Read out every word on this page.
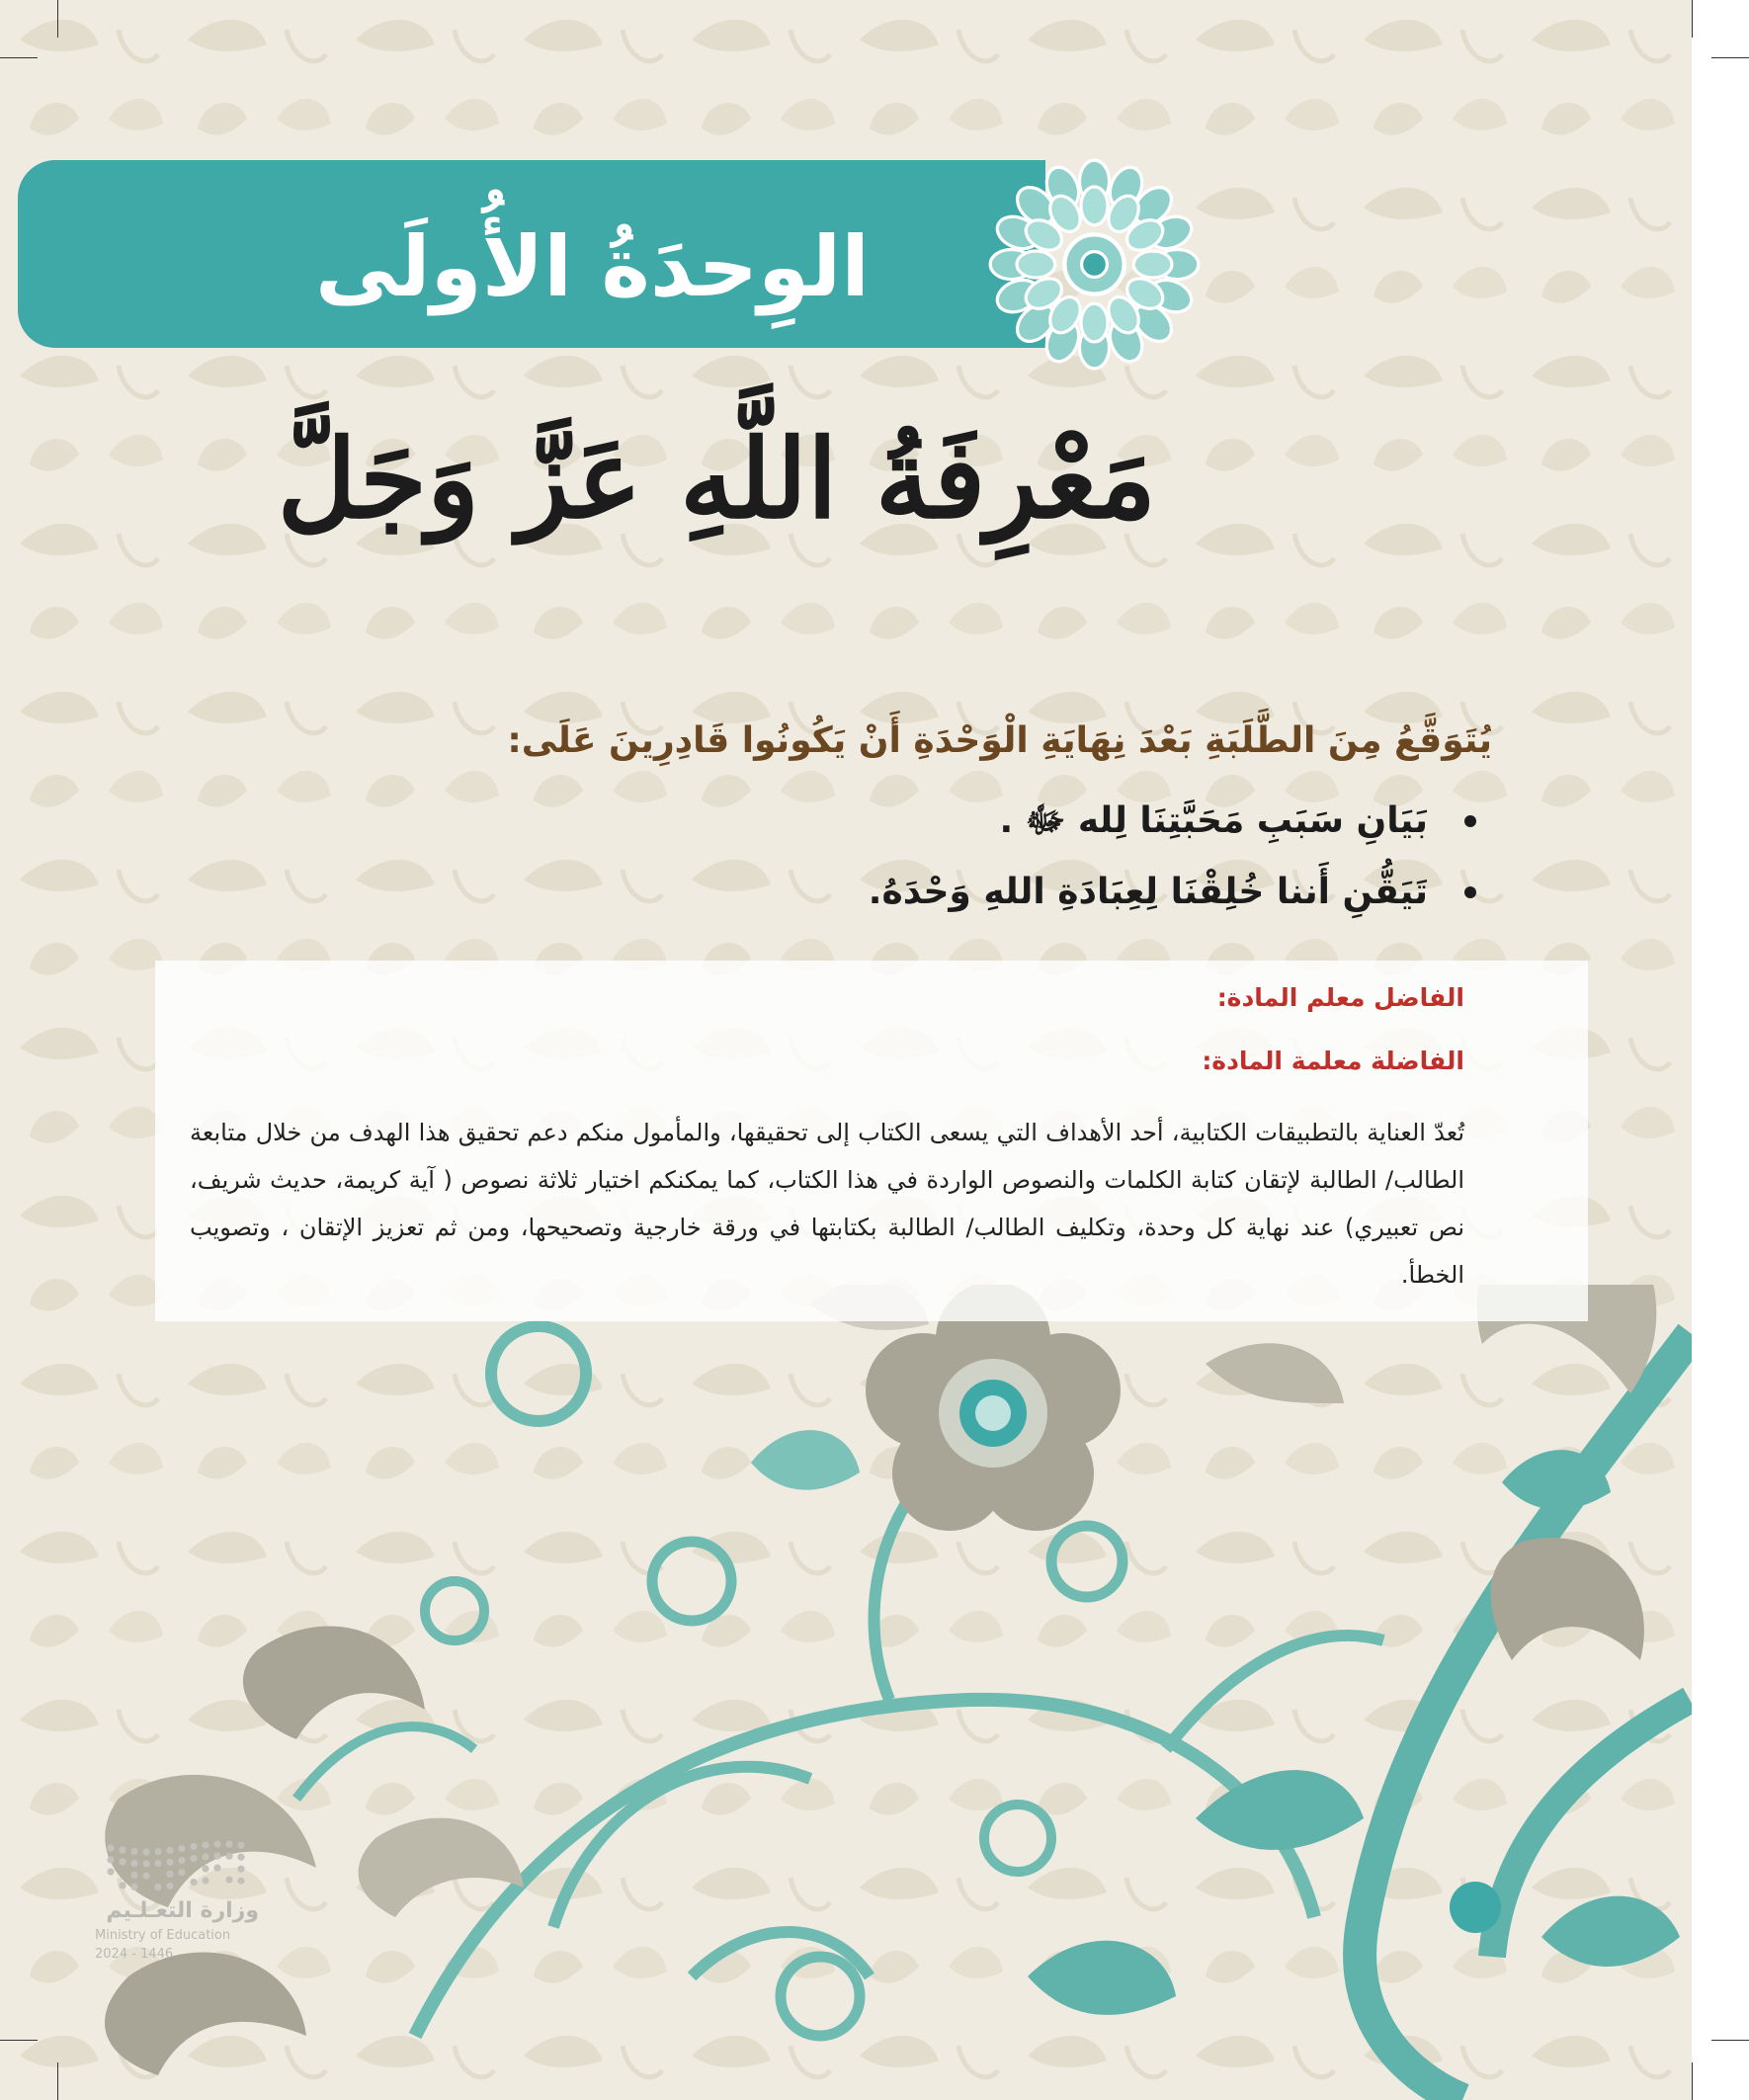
الوِحدَةُ الأُولَى
مَعْرِفَةُ اللَّهِ عَزَّ وَجَلَّ
يُتَوَقَّعُ مِنَ الطَّلَبَةِ بَعْدَ نِهَايَةِ الْوَحْدَةِ أَنْ يَكُونُوا قَادِرِينَ عَلَى:
بَيَانِ سَبَبِ مَحَبَّتِنَا لِله ﷻ .
تَيَقُّنِ أَننا خُلِقْنَا لِعِبَادَةِ اللهِ وَحْدَهُ.
الفاضل معلم المادة:
الفاضلة معلمة المادة:

تُعدّ العناية بالتطبيقات الكتابية، أحد الأهداف التي يسعى الكتاب إلى تحقيقها، والمأمول منكم دعم تحقيق هذا الهدف من خلال متابعة الطالب/ الطالبة لإتقان كتابة الكلمات والنصوص الواردة في هذا الكتاب، كما يمكنكم اختيار ثلاثة نصوص ( آية كريمة، حديث شريف، نص تعبيري) عند نهاية كل وحدة، وتكليف الطالب/ الطالبة بكتابتها في ورقة خارجية وتصحيحها، ومن ثم تعزيز الإتقان ، وتصويب الخطأ.

وزارة التعـلـيم
Ministry of Education
2024 - 1446
